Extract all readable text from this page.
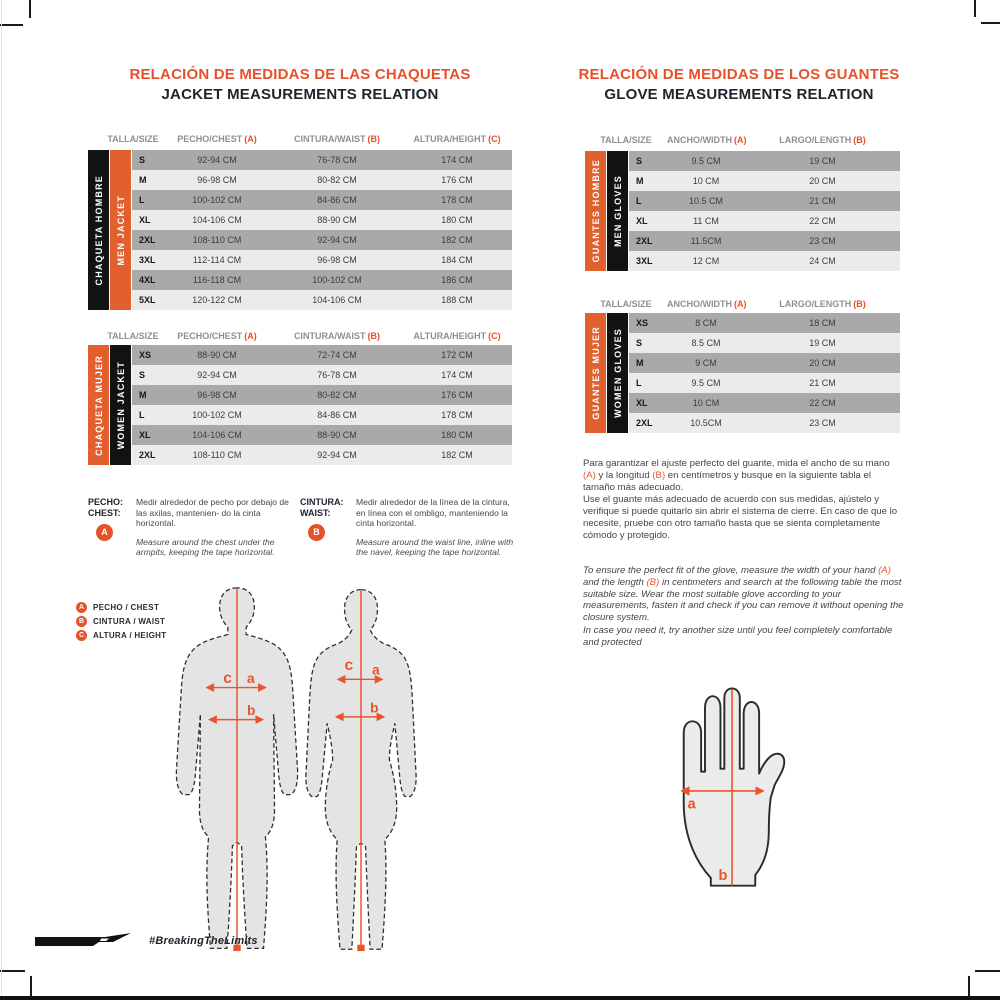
RELACIÓN DE MEDIDAS DE LAS CHAQUETAS
JACKET MEASUREMENTS RELATION
TALLA/SIZE	PECHO/CHEST (A)	CINTURA/WAIST (B)	ALTURA/HEIGHT (C)
CHAQUETA HOMBRE MEN JACKET
S	92-94 CM	76-78 CM	174 CM
M	96-98 CM	80-82 CM	176 CM
L	100-102 CM	84-86 CM	178 CM
XL	104-106 CM	88-90 CM	180 CM
2XL	108-110 CM	92-94 CM	182 CM
3XL	112-114 CM	96-98 CM	184 CM
4XL	116-118 CM	100-102 CM	186 CM
5XL	120-122 CM	104-106 CM	188 CM
TALLA/SIZE	PECHO/CHEST (A)	CINTURA/WAIST (B)	ALTURA/HEIGHT (C)
CHAQUETA MUJER WOMEN JACKET
XS	88-90 CM	72-74 CM	172 CM
S	92-94 CM	76-78 CM	174 CM
M	96-98 CM	80-82 CM	176 CM
L	100-102 CM	84-86 CM	178 CM
XL	104-106 CM	88-90 CM	180 CM
2XL	108-110 CM	92-94 CM	182 CM
PECHO:
CHEST:
A
Medir alrededor de pecho por debajo de las axilas, mantenien- do la cinta horizontal.
Measure around the chest under the armpits, keeping the tape horizontal.
CINTURA:
WAIST:
B
Medir alrededor de la línea de la cintura, en línea con el ombligo, manteniendo la cinta horizontal.
Measure around the waist line, inline with the navel, keeping the tape horizontal.
A	PECHO / CHEST
B	CINTURA / WAIST
C	ALTURA / HEIGHT
c a
b
c a
b
RELACIÓN DE MEDIDAS DE LOS GUANTES
GLOVE MEASUREMENTS RELATION
TALLA/SIZE	ANCHO/WIDTH (A)	LARGO/LENGTH (B)
GUANTES HOMBRE MEN GLOVES
S	9.5 CM	19 CM
M	10 CM	20 CM
L	10.5 CM	21 CM
XL	11 CM	22 CM
2XL	11.5CM	23 CM
3XL	12 CM	24 CM
TALLA/SIZE	ANCHO/WIDTH (A)	LARGO/LENGTH (B)
GUANTES MUJER WOMEN GLOVES
XS	8 CM	18 CM
S	8.5 CM	19 CM
M	9 CM	20 CM
L	9.5 CM	21 CM
XL	10 CM	22 CM
2XL	10.5CM	23 CM

Para garantizar el ajuste perfecto del guante, mida el ancho de su mano (A) y la longitud (B) en centímetros y busque en la siguiente tabla el tamaño más adecuado.

Use el guante más adecuado de acuerdo con sus medidas, ajústelo y verifique si puede quitarlo sin abrir el sistema de cierre. En caso de que lo necesite, pruebe con otro tamaño hasta que se sienta completamente cómodo y protegido.

To ensure the perfect fit of the glove, measure the width of your hand (A) and the length (B) in centimeters and search at the following table the most suitable size. Wear the most suitable glove according to your measurements, fasten it and check if you can remove it without opening the closure system.

In case you need it, try another size until you feel completely comfortable and protected

a
b
#BreakingTheLimits
